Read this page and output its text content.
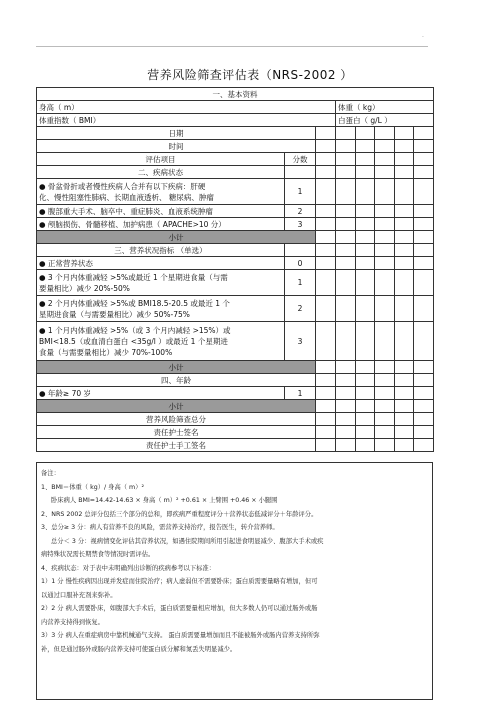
·
营养风险筛查评估表（NRS-2002 ）
一、基本资料							
身高（ m）			体重（ kg）				
体重指数（ BMI）			白蛋白（ g/L ）				
日期							
时间							
评估项目	分数						
二、疾病状态							

● 骨盆骨折或者慢性疾病人合并有以下疾病：肝硬
化、慢性阻塞性肺病、长期血液透析、 糖尿病、肿瘤	1						
● 腹部重大手术、脑卒中、重症肺炎、血液系统肿瘤	2						
● 颅脑损伤、骨髓移植、加护病患（ APACHE>10 分）	3						
小计							
三、营养状况指标 （单选）							
● 正常营养状态	0						

● 3 个月内体重减轻 >5%或最近 1 个星期进食量（与需
要量相比）减少 20%-50%	1						

● 2 个月内体重减轻 >5%或 BMI18.5-20.5 或最近 1 个
星期进食量（与需要量相比）减少 50%-75%	2						

● 1 个月内体重减轻 >5%（或 3 个月内减轻 >15%）或
BMI<18.5（或血清白蛋白 <35g/l ）或最近 1 个星期进
食量（与需要量相比）减少 70%-100%	3						
小计							
四、年龄							
● 年龄≥ 70 岁	1						
小计							
营养风险筛查总分							
责任护士签名							
责任护士手工签名							
备注：
1、BMI＝体重（ kg）/ 身高（ m）²
卧床病人 BMI=14.42-14.63 × 身高（ m）² +0.61 × 上臂围 +0.46 × 小腿围
2、NRS 2002 总评分包括三个部分的总和，即疾病严重程度评分＋营养状态低减评分＋年龄评分。
3、总分≥ 3 分：病人有营养不良的风险，需营养支持治疗，报告医生，转介营养师。
总分＜ 3 分：视病情变化评估其营养状况，如遇住院期间所用引起进食明显减少、腹部大手术或疾
病特殊状况需长期禁食等情况时需评估。
4、疾病状态：对于表中未明确列出诊断的疾病参考以下标准：
1）1 分 慢性疾病因出现并发症而住院治疗；病人虚弱但不需要卧床；蛋白质需要量略有增加，但可
以通过口服补充剂来弥补。
2）2 分 病人需要卧床，如腹部大手术后，蛋白质需要量相应增加，但大多数人仍可以通过肠外或肠
内营养支持得到恢复。
3）3 分 病人在重症病房中靠机械通气支持。 蛋白质需要量增加而且不能被肠外或肠内营养支持所弥
补，但是通过肠外或肠内营养支持可使蛋白质分解和氮丢失明显减少。
